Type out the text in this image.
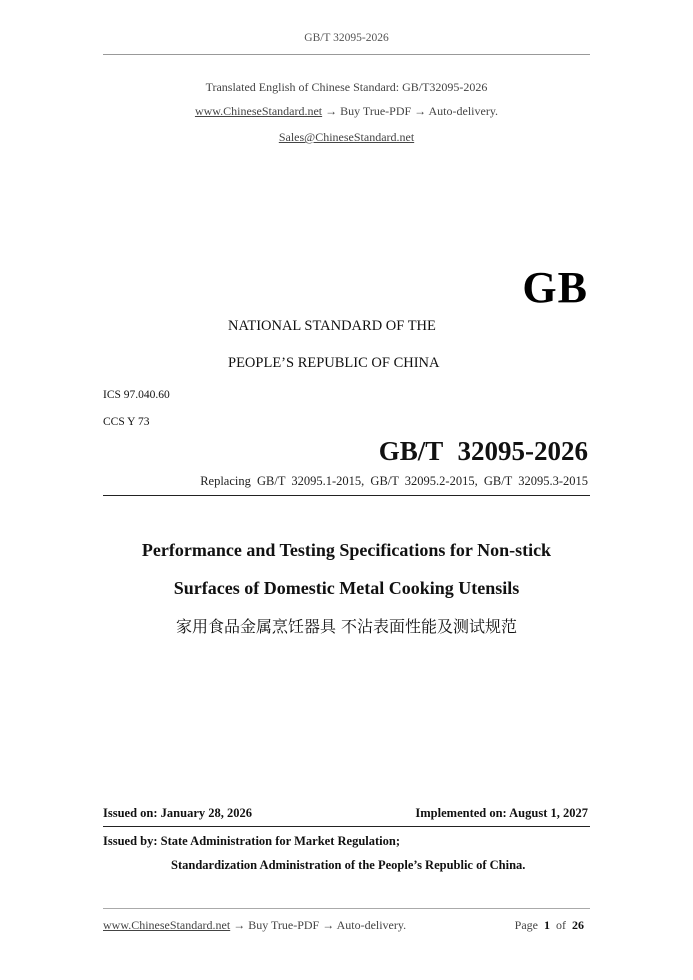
GB/T 32095-2026
Translated English of Chinese Standard: GB/T32095-2026
www.ChineseStandard.net → Buy True-PDF → Auto-delivery.
Sales@ChineseStandard.net
GB
NATIONAL STANDARD OF THE
PEOPLE’S REPUBLIC OF CHINA
ICS 97.040.60
CCS Y 73
GB/T 32095-2026
Replacing GB/T 32095.1-2015, GB/T 32095.2-2015, GB/T 32095.3-2015
Performance and Testing Specifications for Non-stick
Surfaces of Domestic Metal Cooking Utensils
家用食品金属烹饪器具 不沾表面性能及测试规范
Issued on: January 28, 2026	Implemented on: August 1, 2027
Issued by: State Administration for Market Regulation;
Standardization Administration of the People’s Republic of China.
www.ChineseStandard.net → Buy True-PDF → Auto-delivery.	Page 1 of 26
